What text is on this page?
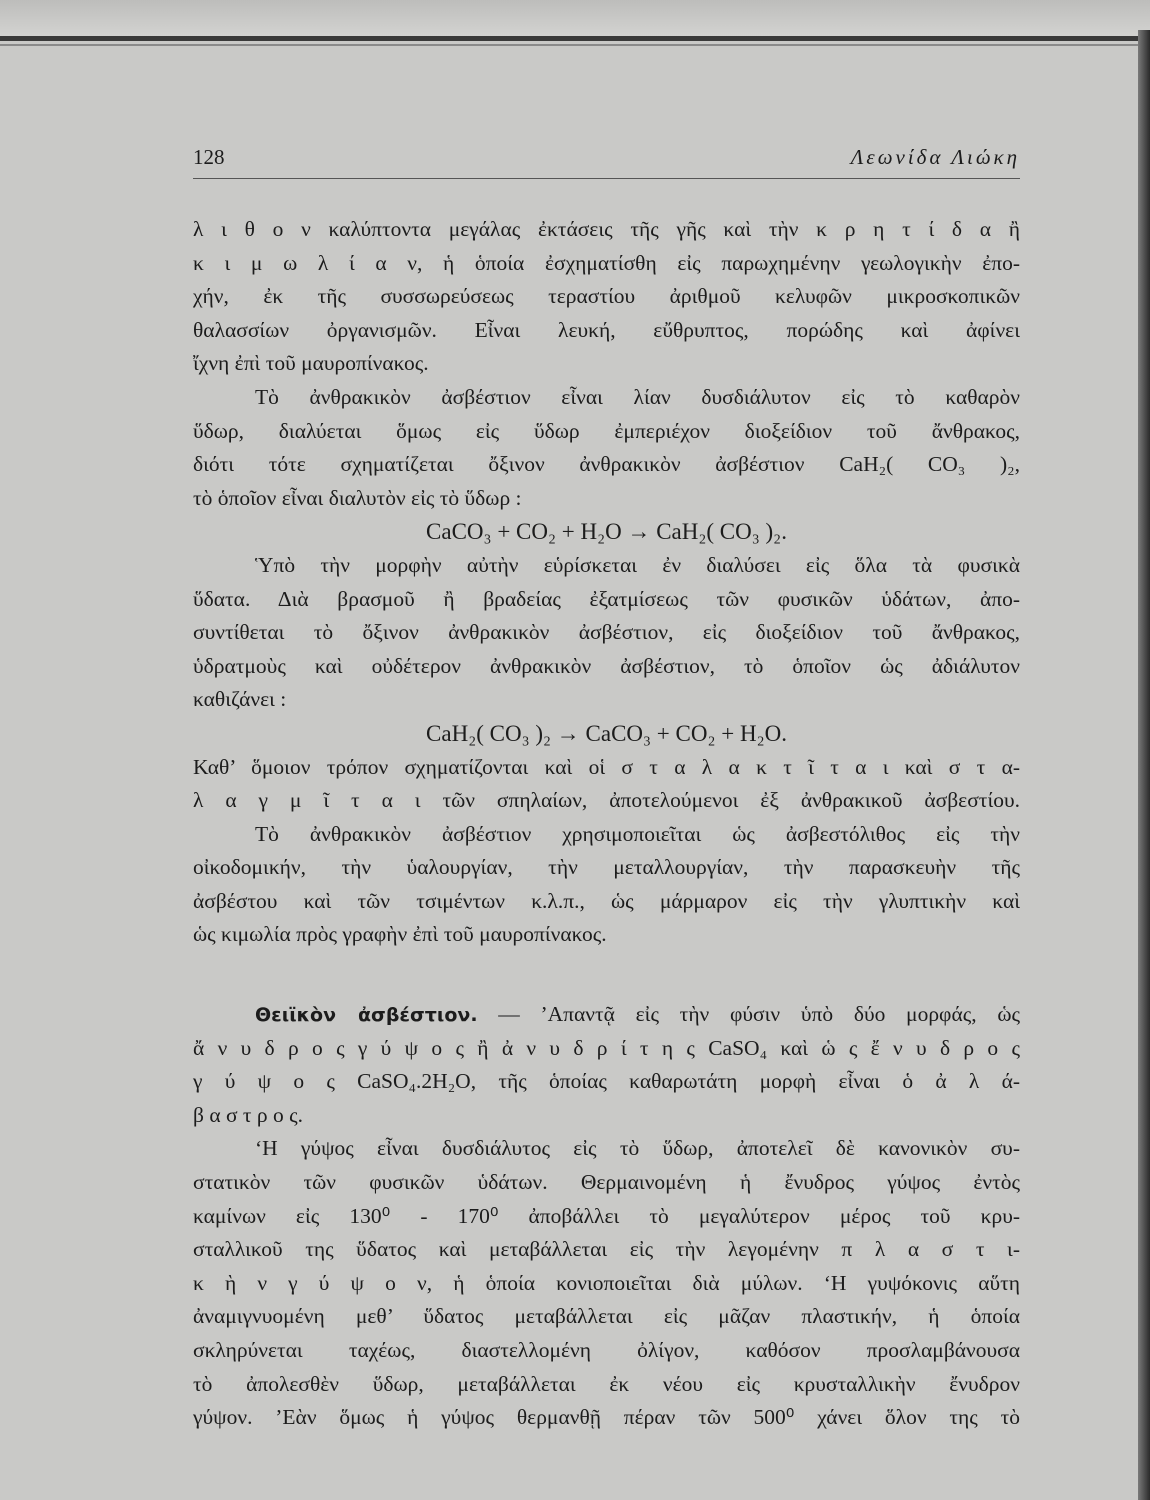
128	Λεωνίδα Λιώκη
λ ι θ ο ν καλύπτοντα μεγάλας ἐκτάσεις τῆς γῆς καὶ τὴν κ ρ η τ ί δ α ἢ
κ ι μ ω λ ί α ν, ἡ ὁποία ἐσχηματίσθη εἰς παρωχημένην γεωλογικὴν ἐπο-
χήν, ἐκ τῆς συσσωρεύσεως τεραστίου ἀριθμοῦ κελυφῶν μικροσκοπικῶν
θαλασσίων ὀργανισμῶν. Εἶναι λευκή, εὔθρυπτος, πορώδης καὶ ἀφίνει
ἴχνη ἐπὶ τοῦ μαυροπίνακος.
Τὸ ἀνθρακικὸν ἀσβέστιον εἶναι λίαν δυσδιάλυτον εἰς τὸ καθαρὸν
ὕδωρ, διαλύεται ὅμως εἰς ὕδωρ ἐμπεριέχον διοξείδιον τοῦ ἄνθρακος,
διότι τότε σχηματίζεται ὄξινον ἀνθρακικὸν ἀσβέστιον CaH₂( CO₃ )₂,
τὸ ὁποῖον εἶναι διαλυτὸν εἰς τὸ ὕδωρ :
CaCO₃ + CO₂ + H₂O → CaH₂( CO₃ )₂.
Ὑπὸ τὴν μορφὴν αὐτὴν εὑρίσκεται ἐν διαλύσει εἰς ὅλα τὰ φυσικὰ
ὕδατα. Διὰ βρασμοῦ ἢ βραδείας ἐξατμίσεως τῶν φυσικῶν ὑδάτων, ἀπο-
συντίθεται τὸ ὄξινον ἀνθρακικὸν ἀσβέστιον, εἰς διοξείδιον τοῦ ἄνθρακος,
ὑδρατμοὺς καὶ οὐδέτερον ἀνθρακικὸν ἀσβέστιον, τὸ ὁποῖον ὡς ἀδιάλυτον
καθιζάνει :
CaH₂( CO₃ )₂ → CaCO₃ + CO₂ + H₂O.
Καθ’ ὅμοιον τρόπον σχηματίζονται καὶ οἱ σ τ α λ α κ τ ῖ τ α ι καὶ σ τ α-
λ α γ μ ῖ τ α ι τῶν σπηλαίων, ἀποτελούμενοι ἐξ ἀνθρακικοῦ ἀσβεστίου.
Τὸ ἀνθρακικὸν ἀσβέστιον χρησιμοποιεῖται ὡς ἀσβεστόλιθος εἰς τὴν
οἰκοδομικήν, τὴν ὑαλουργίαν, τὴν μεταλλουργίαν, τὴν παρασκευὴν τῆς
ἀσβέστου καὶ τῶν τσιμέντων κ.λ.π., ὡς μάρμαρον εἰς τὴν γλυπτικὴν καὶ
ὡς κιμωλία πρὸς γραφὴν ἐπὶ τοῦ μαυροπίνακος.
Θειϊκὸν ἀσβέστιον. — ’Απαντᾷ εἰς τὴν φύσιν ὑπὸ δύο μορφάς, ὡς
ἄ ν υ δ ρ ο ς γ ύ ψ ο ς ἢ ἀ ν υ δ ρ ί τ η ς CaSO₄ καὶ ὡ ς ἔ ν υ δ ρ ο ς
γ ύ ψ ο ς CaSO₄.2H₂O, τῆς ὁποίας καθαρωτάτη μορφὴ εἶναι ὁ ἀ λ ά-
β α σ τ ρ ο ς.
‘Η γύψος εἶναι δυσδιάλυτος εἰς τὸ ὕδωρ, ἀποτελεῖ δὲ κανονικὸν συ-
στατικὸν τῶν φυσικῶν ὑδάτων. Θερμαινομένη ἡ ἔνυδρος γύψος ἐντὸς
καμίνων εἰς 130⁰ - 170⁰ ἀποβάλλει τὸ μεγαλύτερον μέρος τοῦ κρυ-
σταλλικοῦ της ὕδατος καὶ μεταβάλλεται εἰς τὴν λεγομένην π λ α σ τ ι-
κ ὴ ν γ ύ ψ ο ν, ἡ ὁποία κονιοποιεῖται διὰ μύλων. ‘Η γυψόκονις αὕτη
ἀναμιγνυομένη μεθ’ ὕδατος μεταβάλλεται εἰς μᾶζαν πλαστικήν, ἡ ὁποία
σκληρύνεται ταχέως, διαστελλομένη ὀλίγον, καθόσον προσλαμβάνουσα
τὸ ἀπολεσθὲν ὕδωρ, μεταβάλλεται ἐκ νέου εἰς κρυσταλλικὴν ἔνυδρον
γύψον. ’Εὰν ὅμως ἡ γύψος θερμανθῇ πέραν τῶν 500⁰ χάνει ὅλον της τὸ
